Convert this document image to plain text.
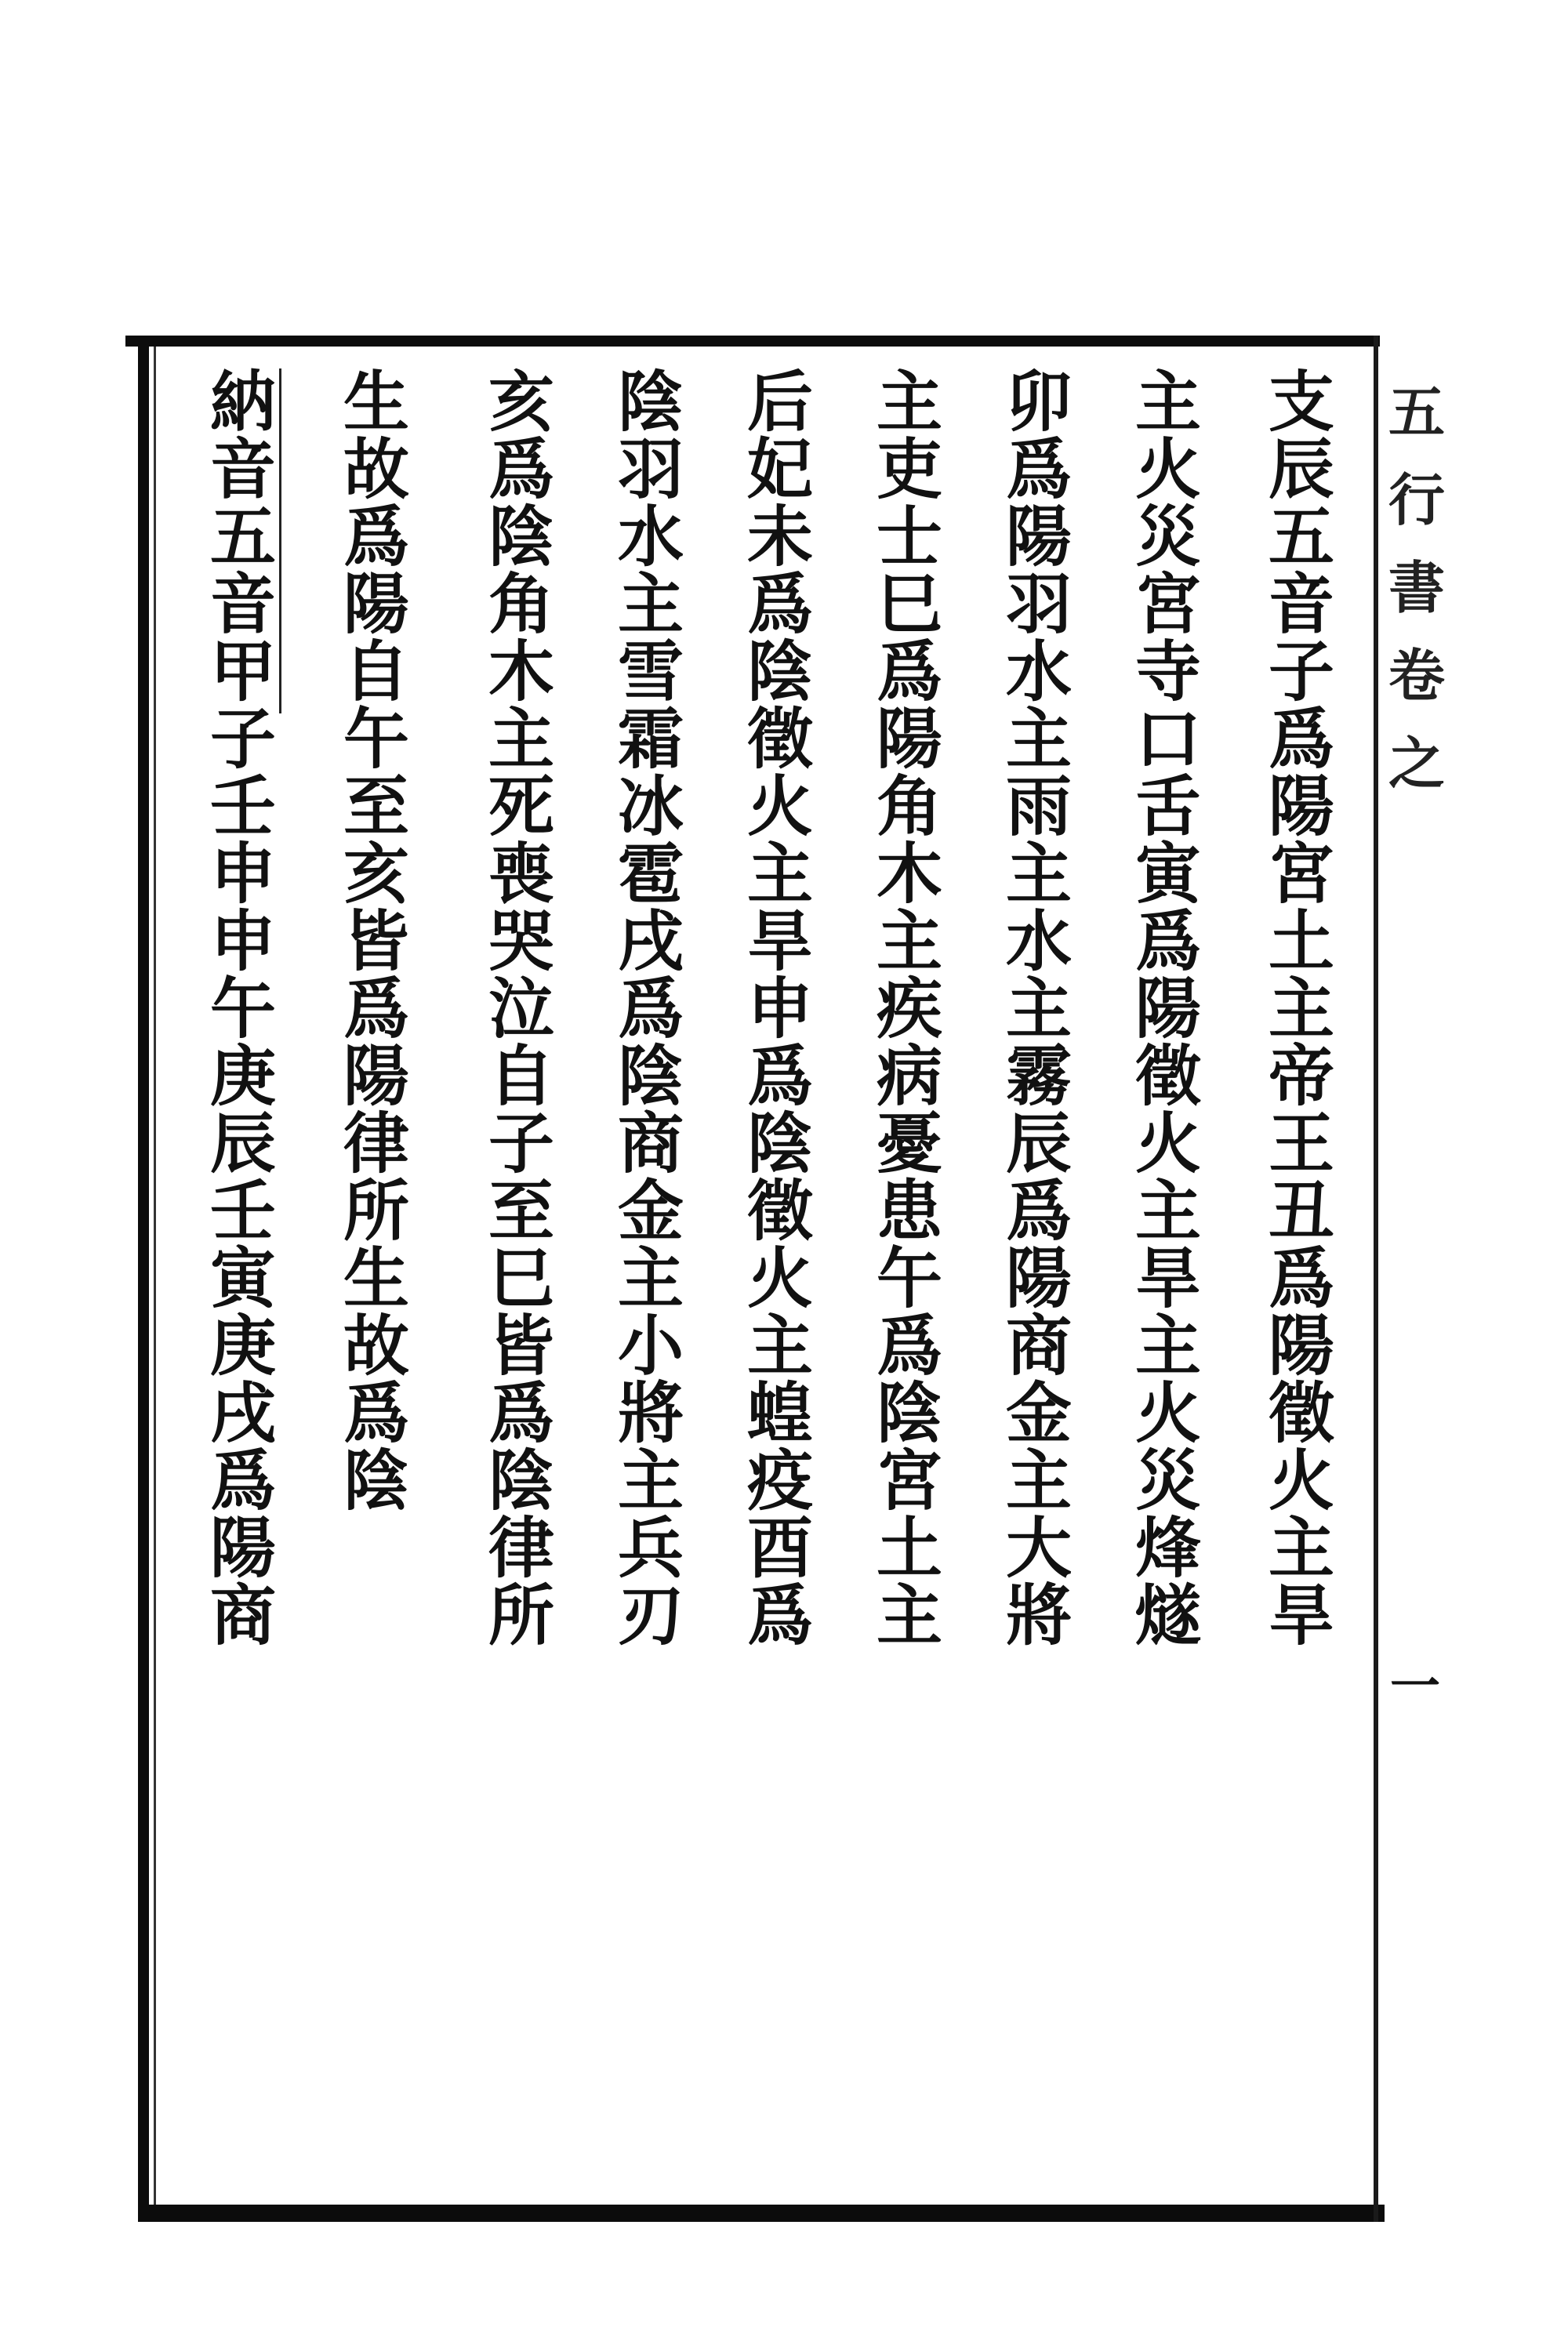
五
行
書
卷
之
一
支
辰
五
音
子
爲
陽
宮
土
主
帝
王
丑
爲
陽
徵
火
主
旱
主
火
災
宮
寺
口
舌
寅
爲
陽
徵
火
主
旱
主
火
災
烽
燧
卯
爲
陽
羽
水
主
雨
主
水
主
霧
辰
爲
陽
商
金
主
大
將
主
吏
士
巳
爲
陽
角
木
主
疾
病
憂
患
午
爲
陰
宮
土
主
后
妃
未
爲
陰
徵
火
主
旱
申
爲
陰
徵
火
主
蝗
疫
酉
爲
陰
羽
水
主
雪
霜
冰
雹
戌
爲
陰
商
金
主
小
將
主
兵
刃
亥
爲
陰
角
木
主
死
喪
哭
泣
自
子
至
巳
皆
爲
陰
律
所
生
故
爲
陽
自
午
至
亥
皆
爲
陽
律
所
生
故
爲
陰
納
音
五
音
甲
子
壬
申
申
午
庚
辰
壬
寅
庚
戌
爲
陽
商
